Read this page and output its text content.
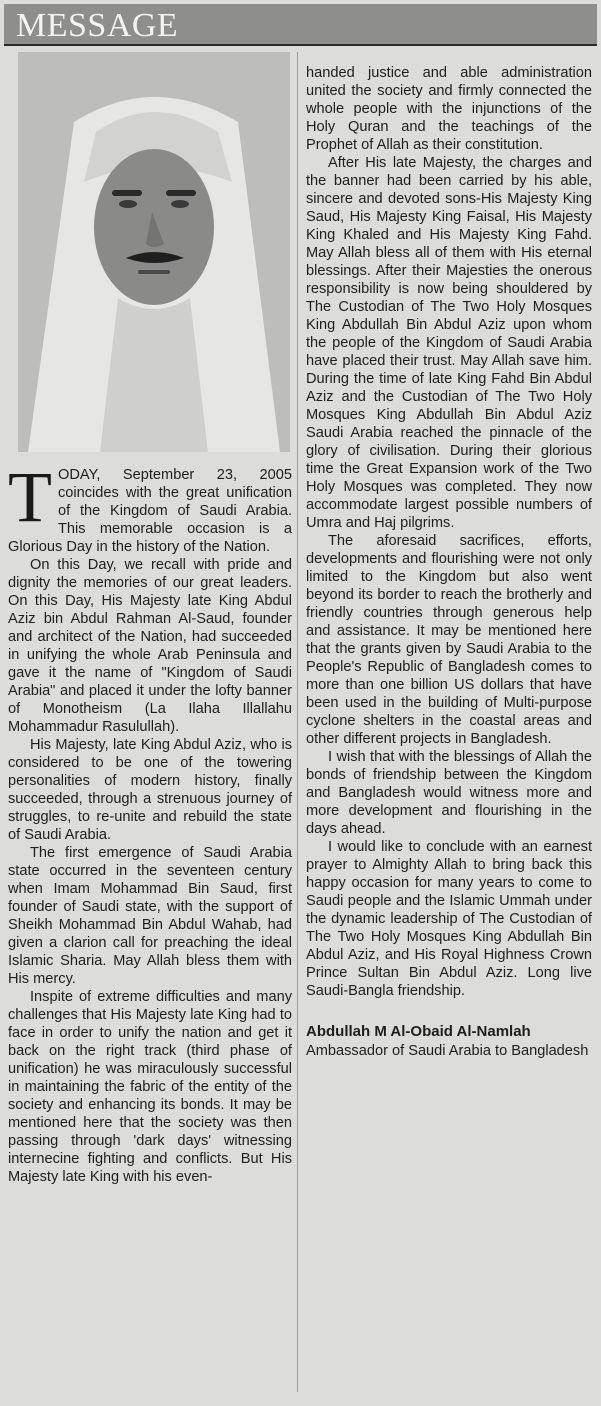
MESSAGE

TODAY, September 23, 2005 coincides with the great unification of the Kingdom of Saudi Arabia. This memorable occasion is a Glorious Day in the history of the Nation.

On this Day, we recall with pride and dignity the memories of our great leaders. On this Day, His Majesty late King Abdul Aziz bin Abdul Rahman Al-Saud, founder and architect of the Nation, had succeeded in unifying the whole Arab Peninsula and gave it the name of "Kingdom of Saudi Arabia" and placed it under the lofty banner of Monotheism (La Ilaha Illallahu Mohammadur Rasulullah).

His Majesty, late King Abdul Aziz, who is considered to be one of the towering personalities of modern history, finally succeeded, through a strenuous journey of struggles, to re-unite and rebuild the state of Saudi Arabia.

The first emergence of Saudi Arabia state occurred in the seventeen century when Imam Mohammad Bin Saud, first founder of Saudi state, with the support of Sheikh Mohammad Bin Abdul Wahab, had given a clarion call for preaching the ideal Islamic Sharia. May Allah bless them with His mercy.

Inspite of extreme difficulties and many challenges that His Majesty late King had to face in order to unify the nation and get it back on the right track (third phase of unification) he was miraculously successful in maintaining the fabric of the entity of the society and enhancing its bonds. It may be mentioned here that the society was then passing through 'dark days' witnessing internecine fighting and conflicts. But His Majesty late King with his even-

handed justice and able administration united the society and firmly connected the whole people with the injunctions of the Holy Quran and the teachings of the Prophet of Allah as their constitution.

After His late Majesty, the charges and the banner had been carried by his able, sincere and devoted sons-His Majesty King Saud, His Majesty King Faisal, His Majesty King Khaled and His Majesty King Fahd. May Allah bless all of them with His eternal blessings. After their Majesties the onerous responsibility is now being shouldered by The Custodian of The Two Holy Mosques King Abdullah Bin Abdul Aziz upon whom the people of the Kingdom of Saudi Arabia have placed their trust. May Allah save him. During the time of late King Fahd Bin Abdul Aziz and the Custodian of The Two Holy Mosques King Abdullah Bin Abdul Aziz Saudi Arabia reached the pinnacle of the glory of civilisation. During their glorious time the Great Expansion work of the Two Holy Mosques was completed. They now accommodate largest possible numbers of Umra and Haj pilgrims.

The aforesaid sacrifices, efforts, developments and flourishing were not only limited to the Kingdom but also went beyond its border to reach the brotherly and friendly countries through generous help and assistance. It may be mentioned here that the grants given by Saudi Arabia to the People's Republic of Bangladesh comes to more than one billion US dollars that have been used in the building of Multi-purpose cyclone shelters in the coastal areas and other different projects in Bangladesh.

I wish that with the blessings of Allah the bonds of friendship between the Kingdom and Bangladesh would witness more and more development and flourishing in the days ahead.

I would like to conclude with an earnest prayer to Almighty Allah to bring back this happy occasion for many years to come to Saudi people and the Islamic Ummah under the dynamic leadership of The Custodian of The Two Holy Mosques King Abdullah Bin Abdul Aziz, and His Royal Highness Crown Prince Sultan Bin Abdul Aziz. Long live Saudi-Bangla friendship.

Abdullah M Al-Obaid Al-Namlah

Ambassador of Saudi Arabia to Bangladesh
